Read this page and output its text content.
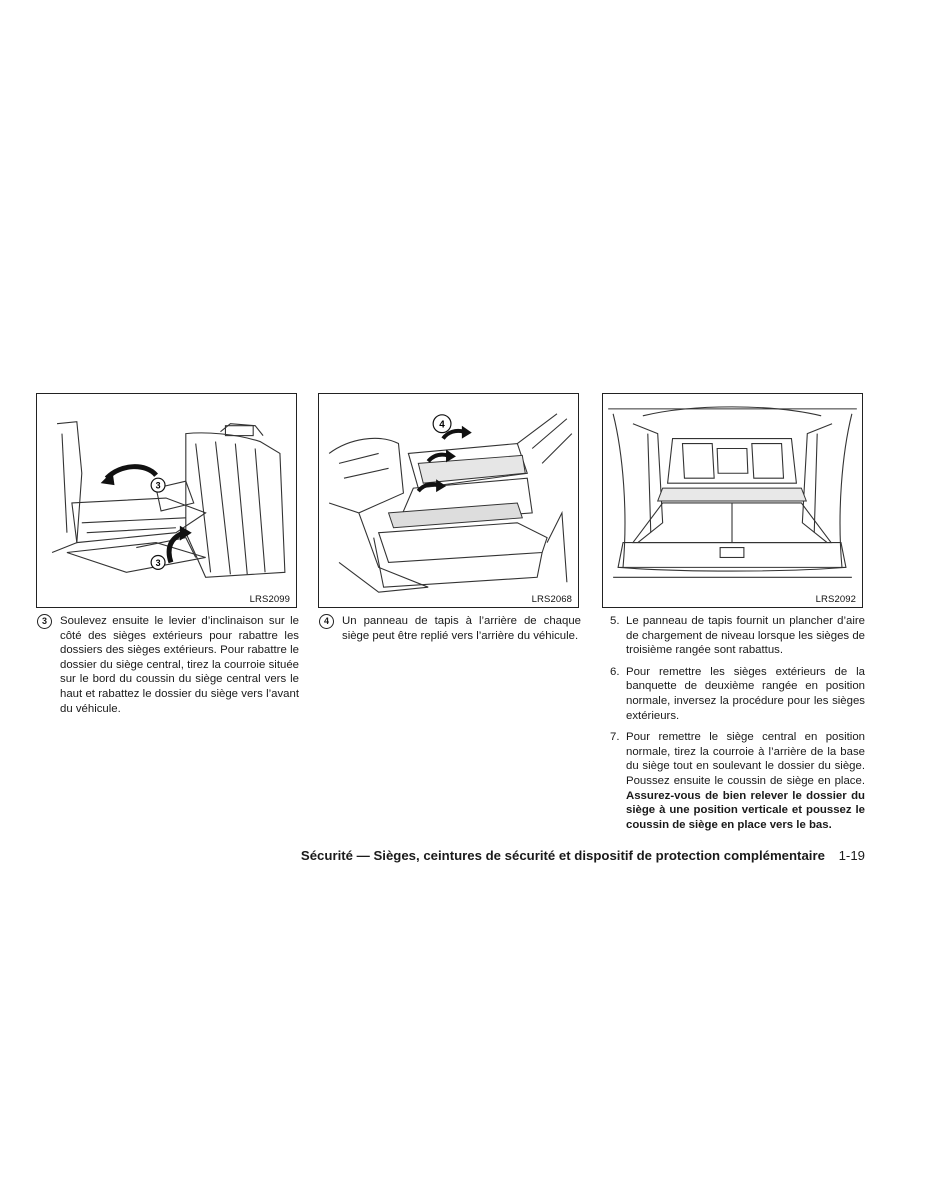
3
3
LRS2099
4
LRS2068	LRS2092

3	Soulevez ensuite le levier d’inclinaison sur le côté des sièges extérieurs pour rabattre les dossiers des sièges extérieurs. Pour rabattre le dossier du siège central, tirez la courroie située sur le bord du coussin du siège central vers le haut et rabattez le dossier du siège vers l’avant du véhicule.

4	Un panneau de tapis à l’arrière de chaque siège peut être replié vers l’arrière du véhicule.

5. Le panneau de tapis fournit un plancher d’aire de chargement de niveau lorsque les sièges de troisième rangée sont rabattus.

6. Pour remettre les sièges extérieurs de la banquette de deuxième rangée en position normale, inversez la procédure pour les sièges extérieurs.

7. Pour remettre le siège central en position normale, tirez la courroie à l’arrière de la base du siège tout en soulevant le dossier du siège. Poussez ensuite le coussin de siège en place. Assurez-vous de bien relever le dossier du siège à une position verticale et poussez le coussin de siège en place vers le bas.

Sécurité — Sièges, ceintures de sécurité et dispositif de protection complémentaire 1-19
